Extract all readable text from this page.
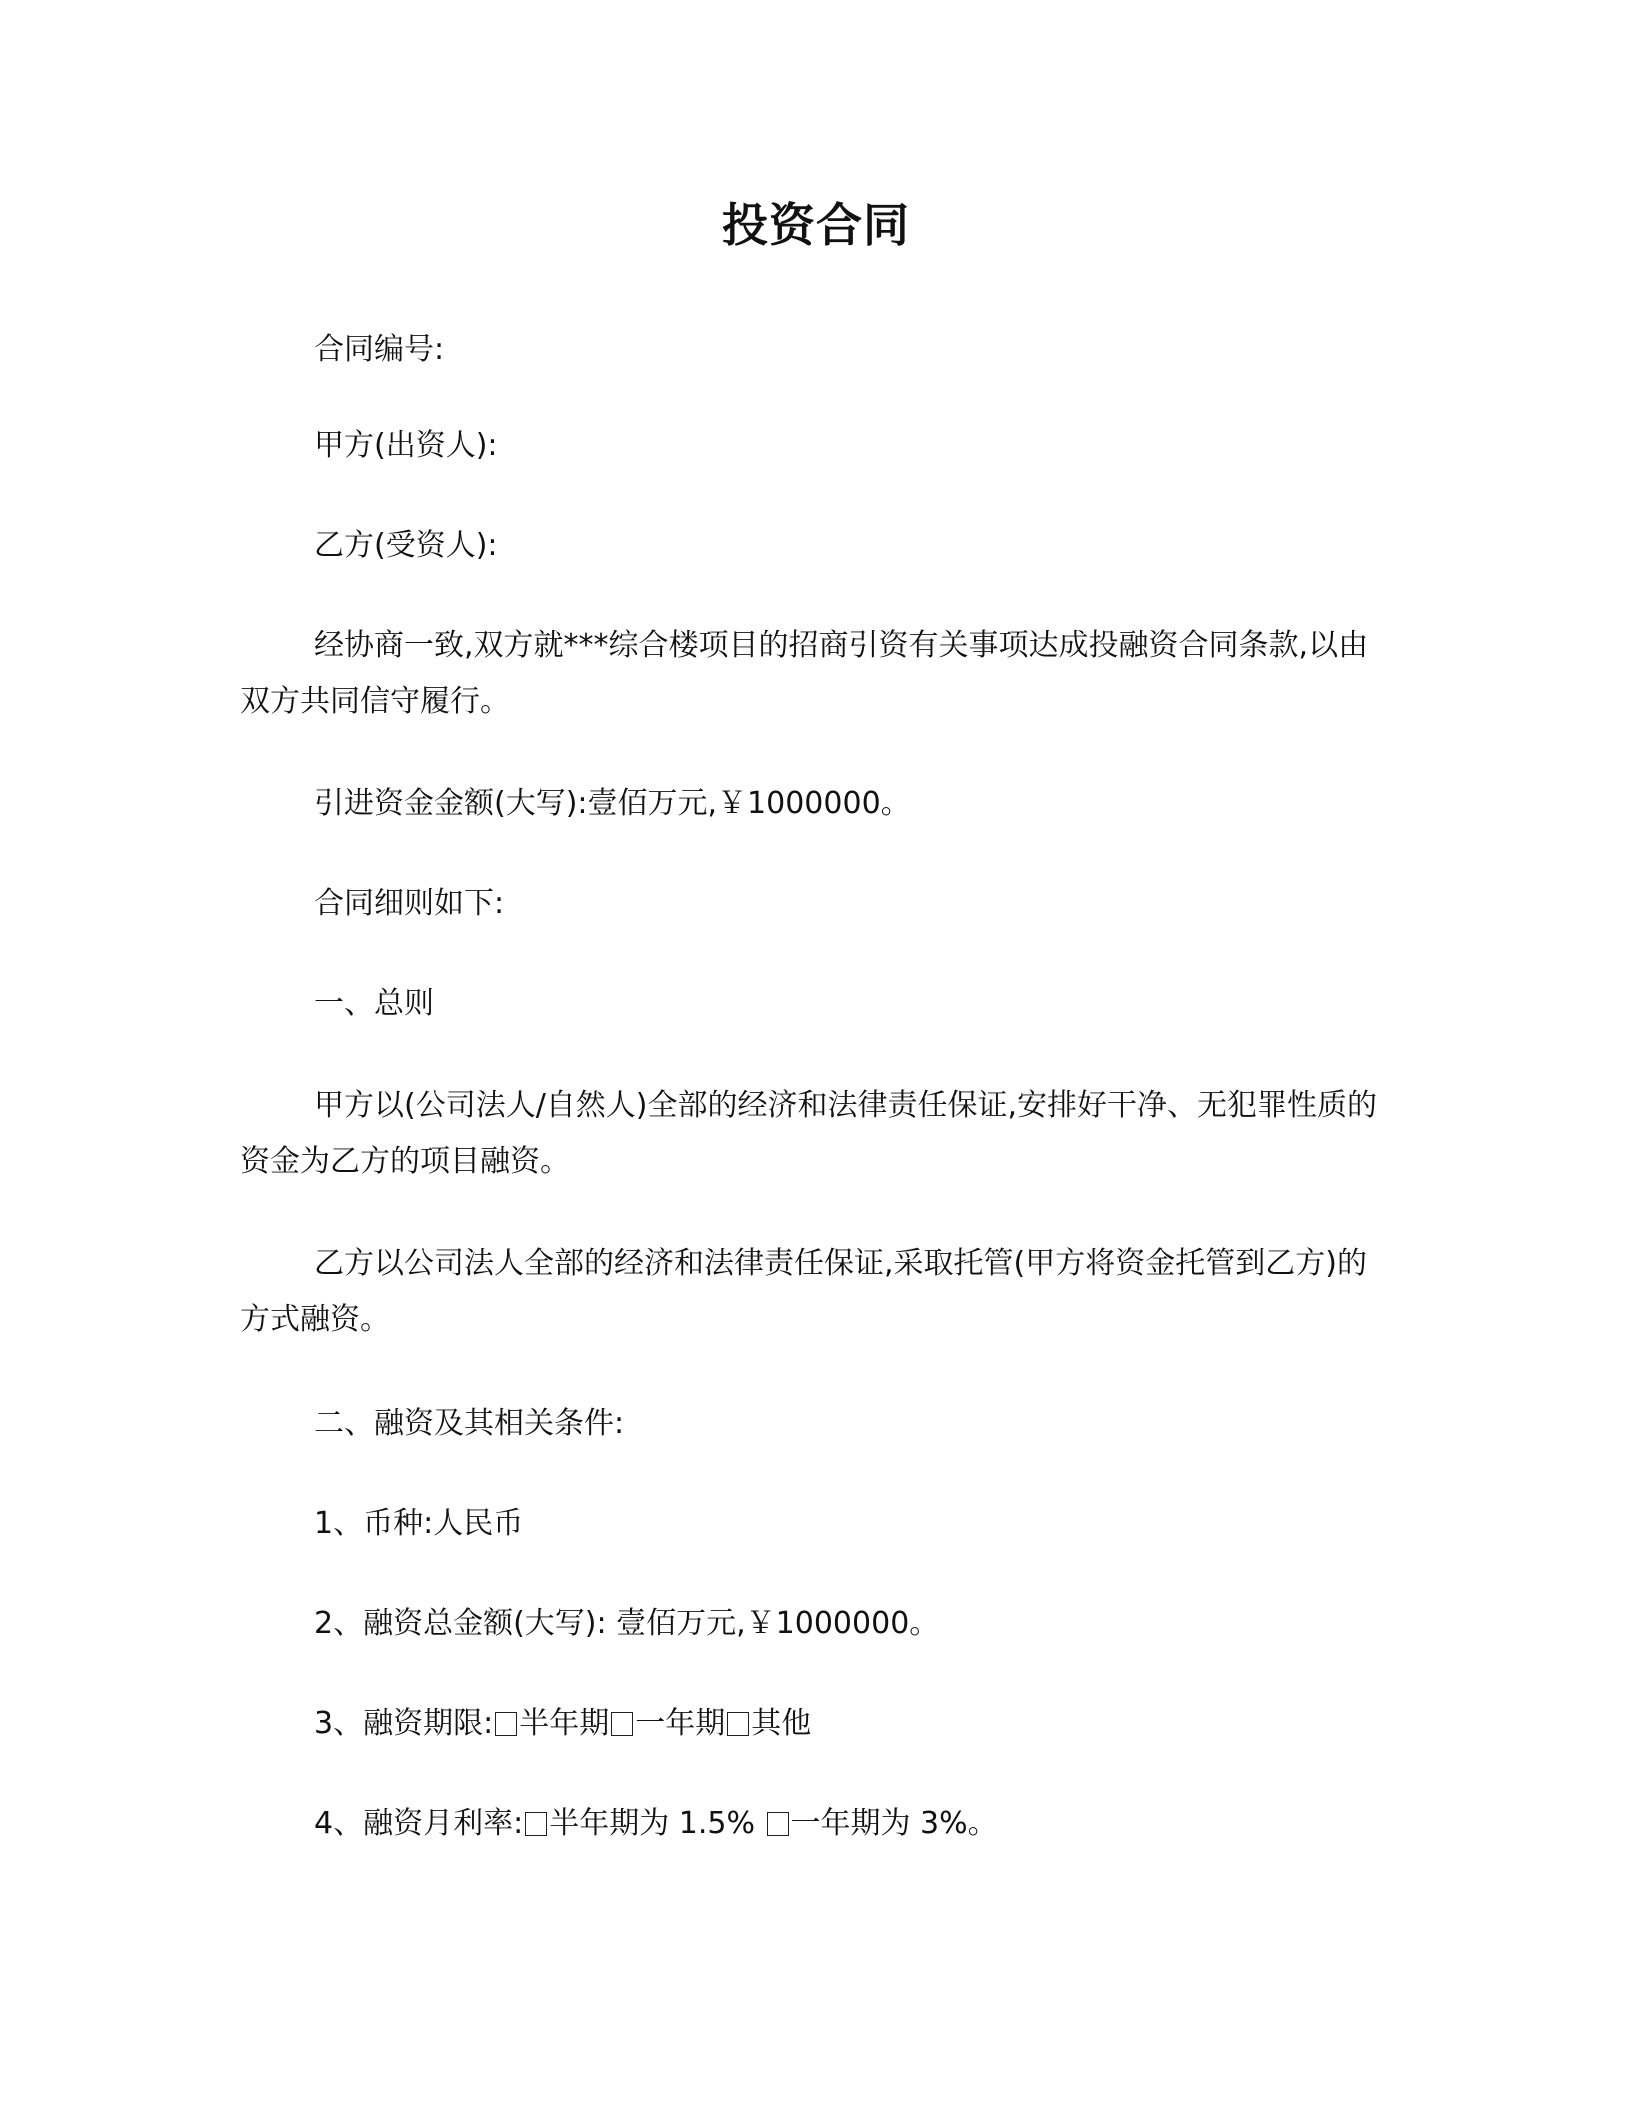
投资合同

合同编号:

甲方(出资人):

乙方(受资人):

经协商一致,双方就***综合楼项目的招商引资有关事项达成投融资合同条款,以由双方共同信守履行。

引进资金金额(大写):壹佰万元,￥1000000。

合同细则如下:

一、总则

甲方以(公司法人/自然人)全部的经济和法律责任保证,安排好干净、无犯罪性质的资金为乙方的项目融资。

乙方以公司法人全部的经济和法律责任保证,采取托管(甲方将资金托管到乙方)的方式融资。

二、融资及其相关条件:

1、币种:人民币

2、融资总金额(大写): 壹佰万元,￥1000000。

3、融资期限: 半年期 一年期 其他

4、融资月利率: 半年期为 1.5% 一年期为 3%。
